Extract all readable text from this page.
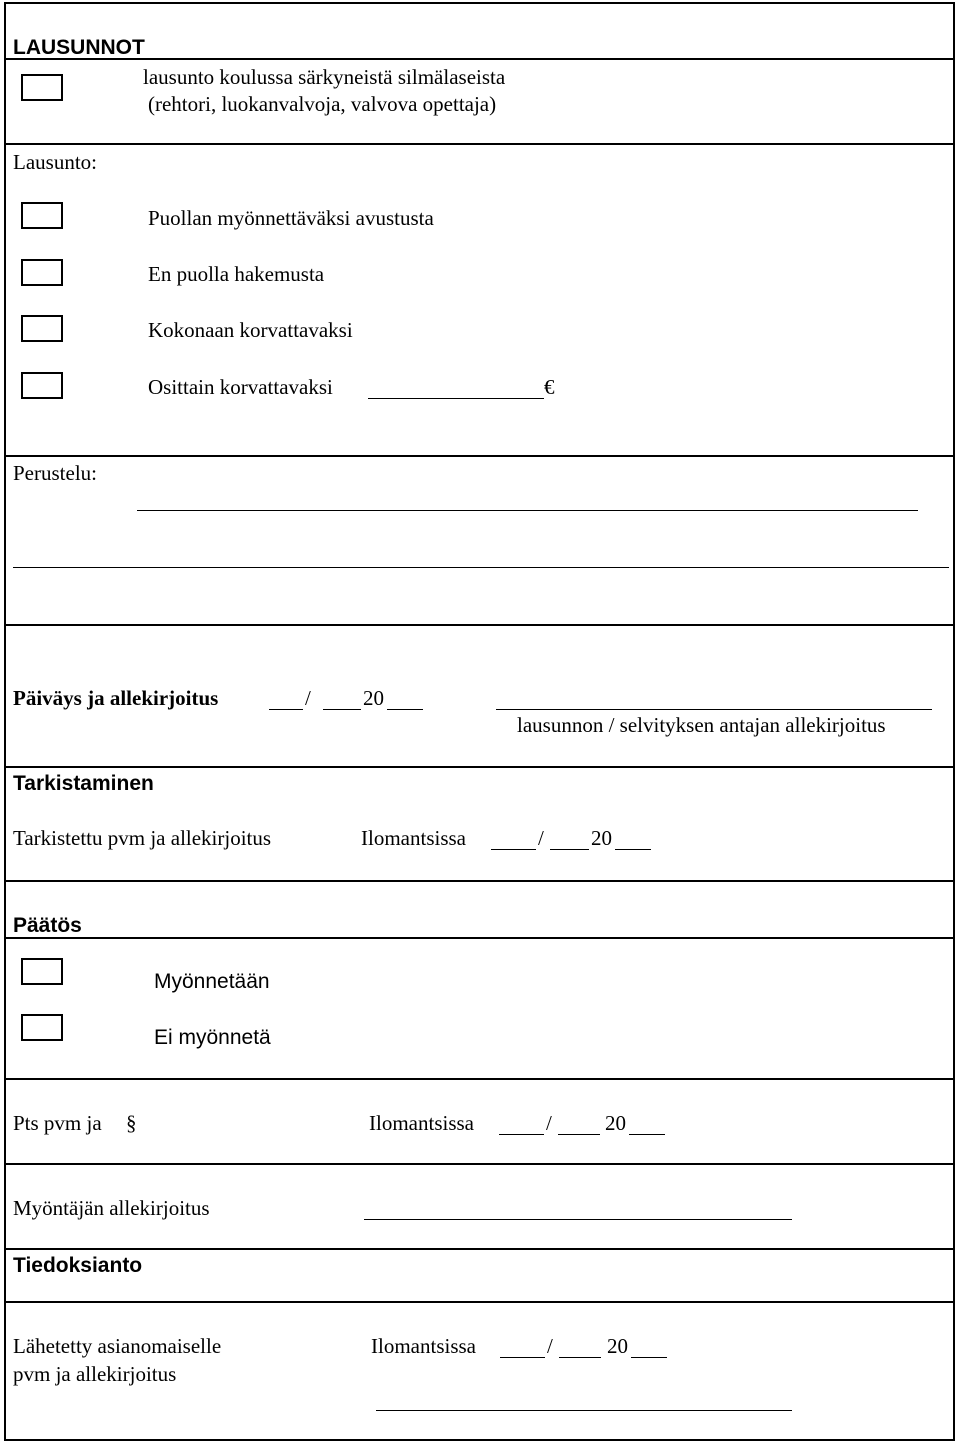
LAUSUNNOT
lausunto koulussa särkyneistä silmälaseista
(rehtori, luokanvalvoja, valvova opettaja)
Lausunto:
Puollan myönnettäväksi avustusta
En puolla hakemusta
Kokonaan korvattavaksi
Osittain korvattavaksi	€
Perustelu:
Päiväys ja allekirjoitus	/ 20
lausunnon / selvityksen antajan allekirjoitus
Tarkistaminen
Tarkistettu pvm ja allekirjoitus	Ilomantsissa	/ 20
Päätös
Myönnetään
Ei myönnetä
Pts pvm ja §	Ilomantsissa	/	20
Myöntäjän allekirjoitus
Tiedoksianto
Lähetetty asianomaiselle
pvm ja allekirjoitus
Ilomantsissa	/	20
